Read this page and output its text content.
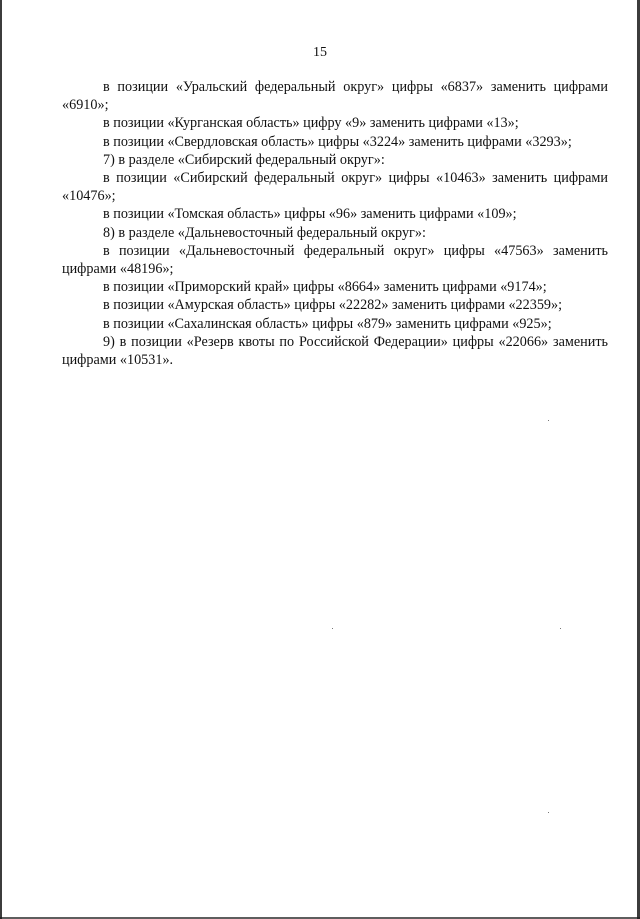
15

в позиции «Уральский федеральный округ» цифры «6837» заменить цифрами «6910»;

в позиции «Курганская область» цифру «9» заменить цифрами «13»;

в позиции «Свердловская область» цифры «3224» заменить цифрами «3293»;

7) в разделе «Сибирский федеральный округ»:

в позиции «Сибирский федеральный округ» цифры «10463» заменить цифрами «10476»;

в позиции «Томская область» цифры «96» заменить цифрами «109»;

8) в разделе «Дальневосточный федеральный округ»:

в позиции «Дальневосточный федеральный округ» цифры «47563» заменить цифрами «48196»;

в позиции «Приморский край» цифры «8664» заменить цифрами «9174»;

в позиции «Амурская область» цифры «22282» заменить цифрами «22359»;

в позиции «Сахалинская область» цифры «879» заменить цифрами «925»;

9) в позиции «Резерв квоты по Российской Федерации» цифры «22066» заменить цифрами «10531».
